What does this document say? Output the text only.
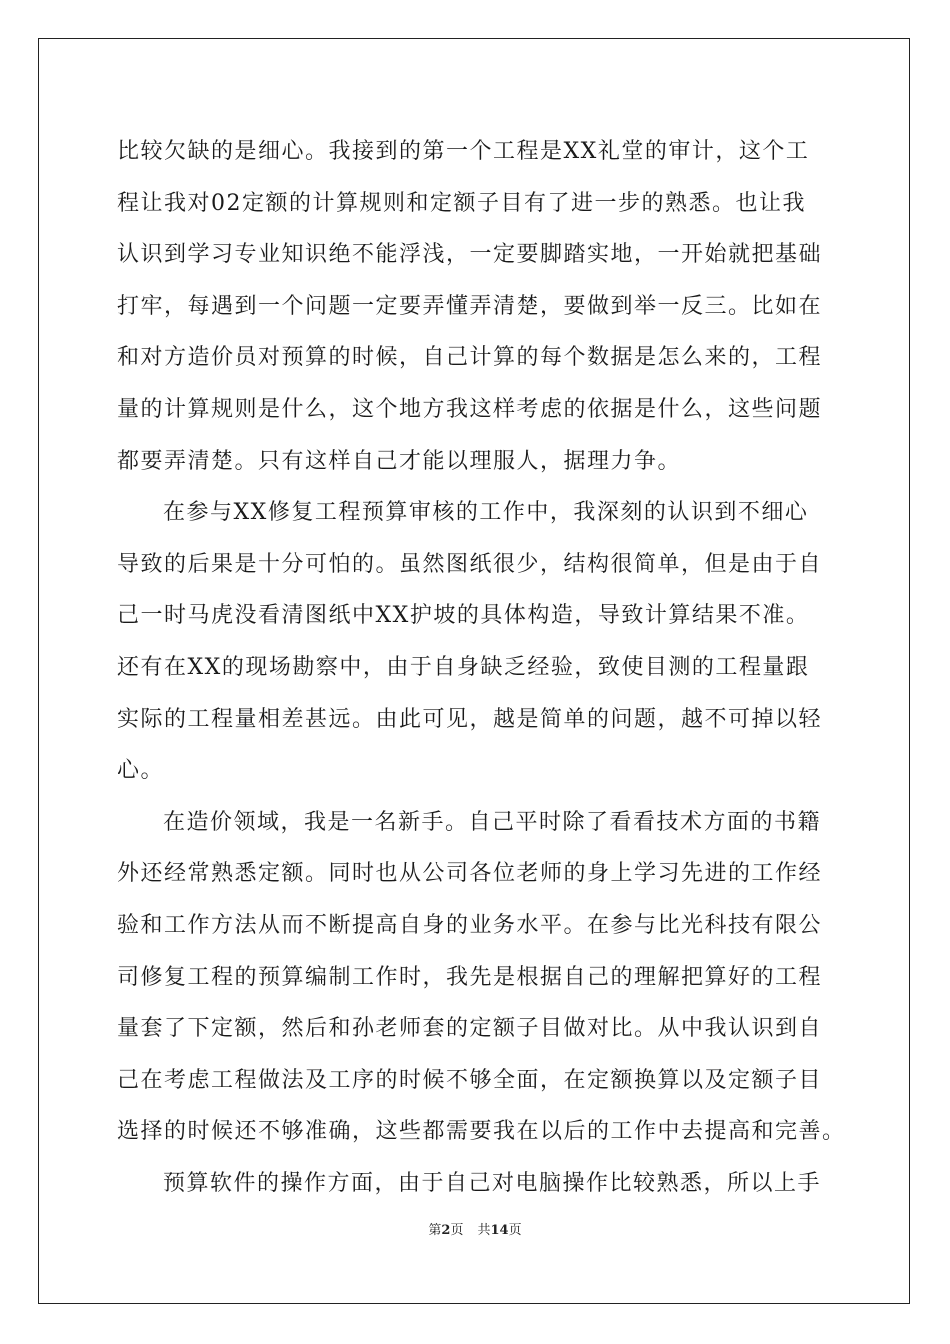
比较欠缺的是细心。我接到的第一个工程是XX礼堂的审计，这个工
程让我对02定额的计算规则和定额子目有了进一步的熟悉。也让我
认识到学习专业知识绝不能浮浅，一定要脚踏实地，一开始就把基础
打牢，每遇到一个问题一定要弄懂弄清楚，要做到举一反三。比如在
和对方造价员对预算的时候，自己计算的每个数据是怎么来的，工程
量的计算规则是什么，这个地方我这样考虑的依据是什么，这些问题
都要弄清楚。只有这样自己才能以理服人，据理力争。
在参与XX修复工程预算审核的工作中，我深刻的认识到不细心
导致的后果是十分可怕的。虽然图纸很少，结构很简单，但是由于自
己一时马虎没看清图纸中XX护坡的具体构造，导致计算结果不准。
还有在XX的现场勘察中，由于自身缺乏经验，致使目测的工程量跟
实际的工程量相差甚远。由此可见，越是简单的问题，越不可掉以轻
心。
在造价领域，我是一名新手。自己平时除了看看技术方面的书籍
外还经常熟悉定额。同时也从公司各位老师的身上学习先进的工作经
验和工作方法从而不断提高自身的业务水平。在参与比光科技有限公
司修复工程的预算编制工作时，我先是根据自己的理解把算好的工程
量套了下定额，然后和孙老师套的定额子目做对比。从中我认识到自
己在考虑工程做法及工序的时候不够全面，在定额换算以及定额子目
选择的时候还不够准确，这些都需要我在以后的工作中去提高和完善。
预算软件的操作方面，由于自己对电脑操作比较熟悉，所以上手
第2页 共14页
